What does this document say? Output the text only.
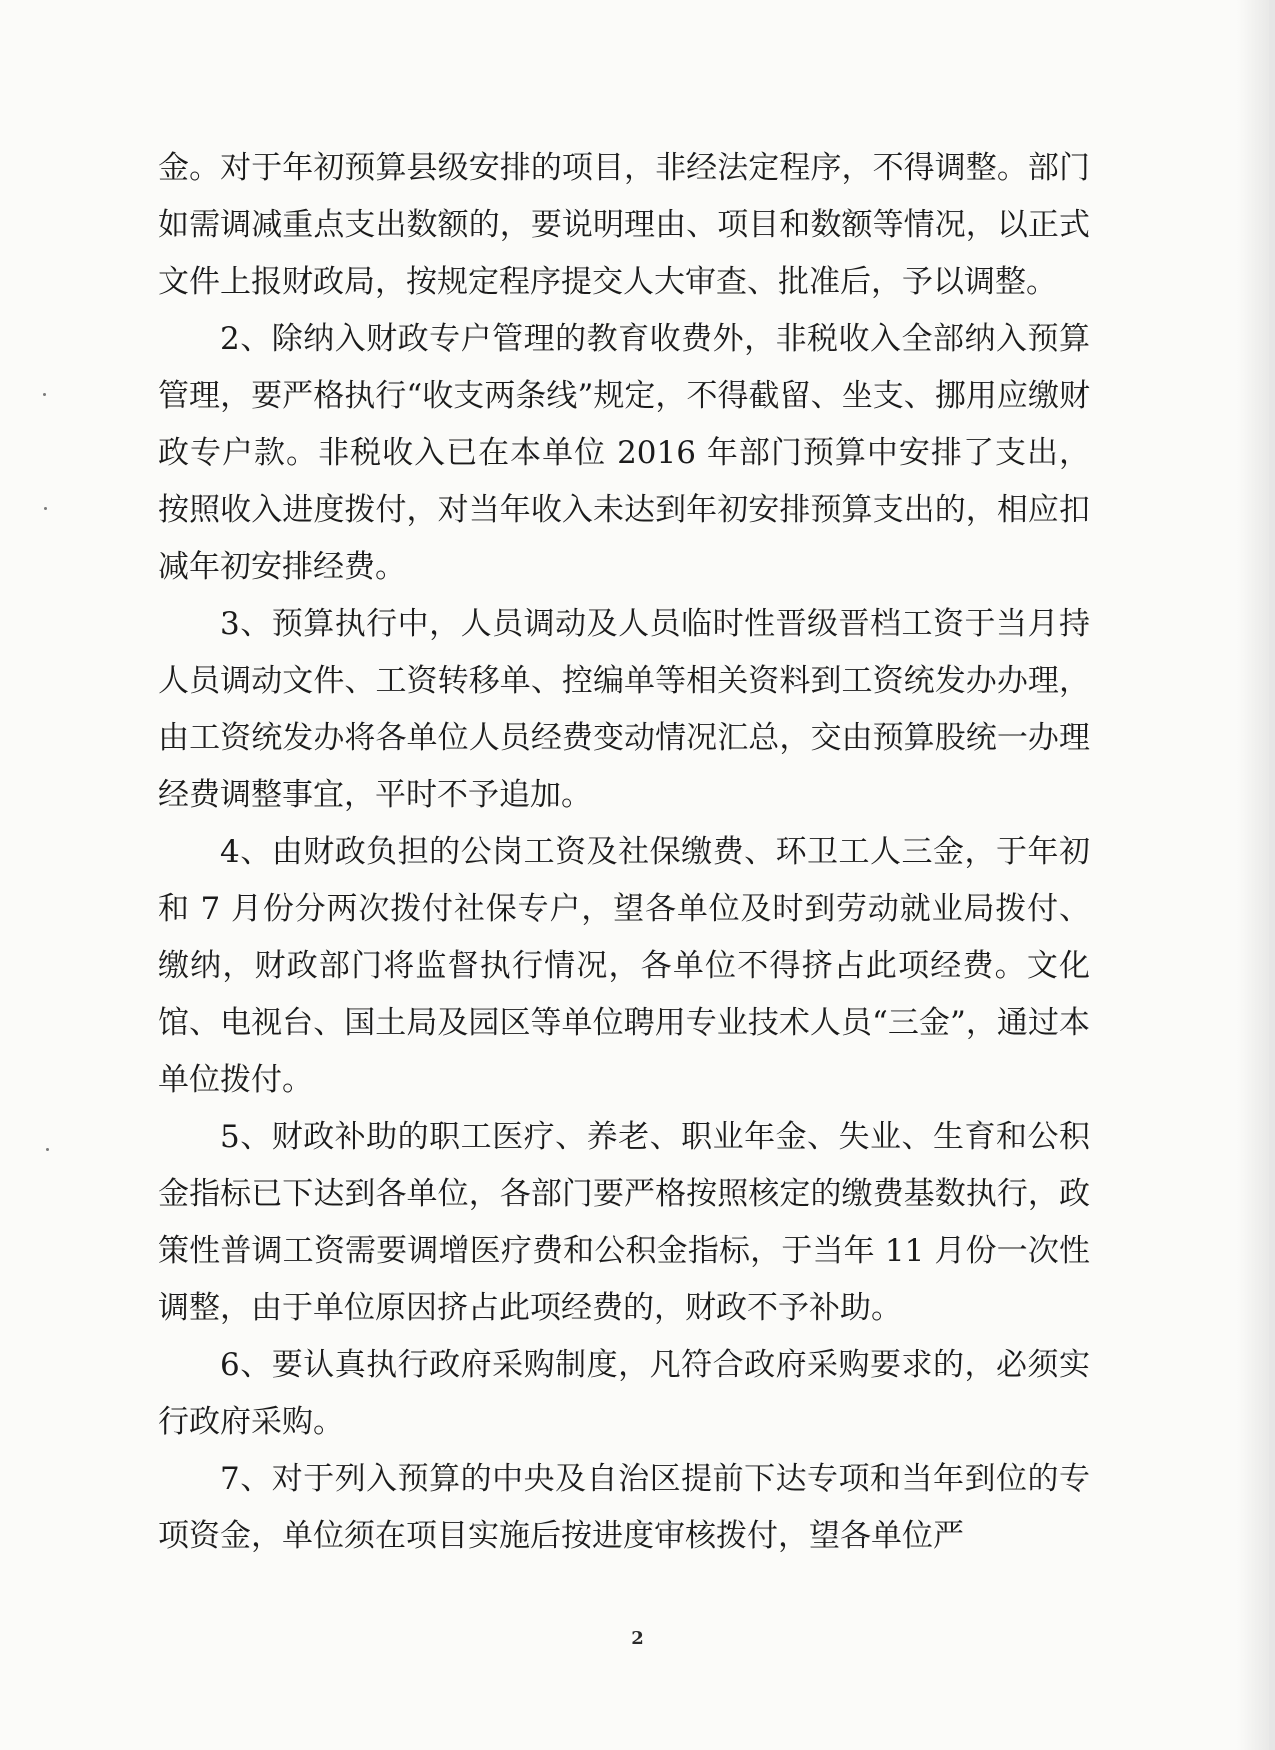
金。对于年初预算县级安排的项目，非经法定程序，不得调整。部门如需调减重点支出数额的，要说明理由、项目和数额等情况，以正式文件上报财政局，按规定程序提交人大审查、批准后，予以调整。

2、除纳入财政专户管理的教育收费外，非税收入全部纳入预算管理，要严格执行“收支两条线”规定，不得截留、坐支、挪用应缴财政专户款。非税收入已在本单位 2016 年部门预算中安排了支出，按照收入进度拨付，对当年收入未达到年初安排预算支出的，相应扣减年初安排经费。

3、预算执行中，人员调动及人员临时性晋级晋档工资于当月持人员调动文件、工资转移单、控编单等相关资料到工资统发办办理，由工资统发办将各单位人员经费变动情况汇总，交由预算股统一办理经费调整事宜，平时不予追加。

4、由财政负担的公岗工资及社保缴费、环卫工人三金，于年初和 7 月份分两次拨付社保专户，望各单位及时到劳动就业局拨付、缴纳，财政部门将监督执行情况，各单位不得挤占此项经费。文化馆、电视台、国土局及园区等单位聘用专业技术人员“三金”，通过本单位拨付。

5、财政补助的职工医疗、养老、职业年金、失业、生育和公积金指标已下达到各单位，各部门要严格按照核定的缴费基数执行，政策性普调工资需要调增医疗费和公积金指标，于当年 11 月份一次性调整，由于单位原因挤占此项经费的，财政不予补助。

6、要认真执行政府采购制度，凡符合政府采购要求的，必须实行政府采购。

7、对于列入预算的中央及自治区提前下达专项和当年到位的专项资金，单位须在项目实施后按进度审核拨付，望各单位严

2
